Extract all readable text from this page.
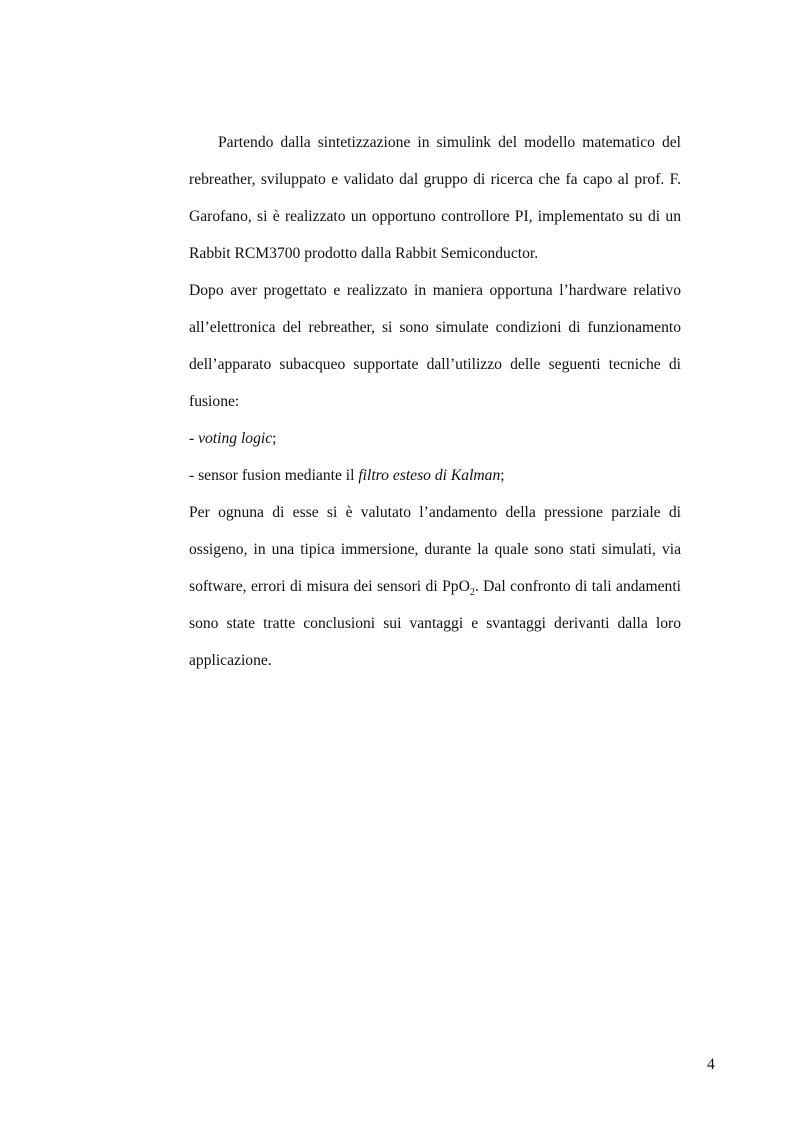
Partendo dalla sintetizzazione in simulink del modello matematico del rebreather, sviluppato e validato dal gruppo di ricerca che fa capo al prof. F. Garofano, si è realizzato un opportuno controllore PI, implementato su di un Rabbit RCM3700 prodotto dalla Rabbit Semiconductor.

Dopo aver progettato e realizzato in maniera opportuna l’hardware relativo all’elettronica del rebreather, si sono simulate condizioni di funzionamento dell’apparato subacqueo supportate dall’utilizzo delle seguenti tecniche di fusione:

- voting logic;

- sensor fusion mediante il filtro esteso di Kalman;

Per ognuna di esse si è valutato l’andamento della pressione parziale di ossigeno, in una tipica immersione, durante la quale sono stati simulati, via software, errori di misura dei sensori di PpO$_2$. Dal confronto di tali andamenti sono state tratte conclusioni sui vantaggi e svantaggi derivanti dalla loro applicazione.

4
